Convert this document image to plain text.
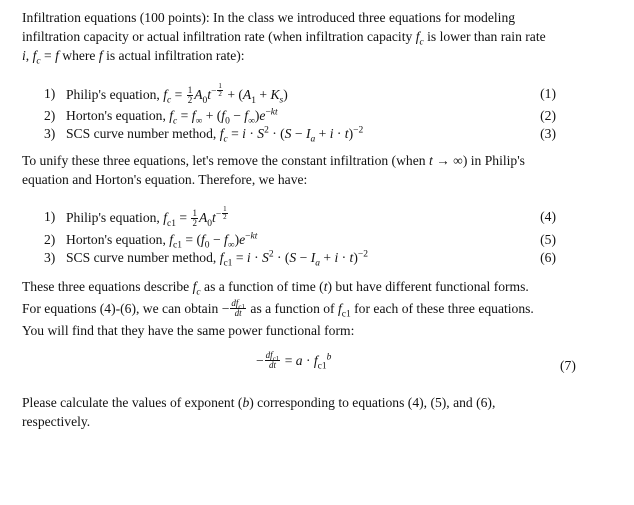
Infiltration equations (100 points): In the class we introduced three equations for modeling
infiltration capacity or actual infiltration rate (when infiltration capacity $f_c$ is lower than rain rate
i, $f_c = f$ where f is actual infiltration rate):
1) Philip's equation, $f_c = \frac{1}{2} A_0t^{- \frac{1}{2}} + (A_1 + K_s)$	(1)
2) Horton's equation, $f_c = f_\infty + (f_0 - f_\infty)e^{-kt}$	(2)
3) SCS curve number method, $f_c = i \cdot S^2 \cdot (S - I_a + i \cdot t)^{-2}$	(3)
To unify these three equations, let's remove the constant infiltration (when t → ∞) in Philip's
equation and Horton's equation. Therefore, we have:
1) Philip's equation, $f_{c1} = \frac{1}{2} A_0t^{- \frac{1}{2}}$	(4)
2) Horton's equation, $f_{c1} = (f_0 - f_\infty)e^{-kt}$	(5)
3) SCS curve number method, $f_{c1} = i \cdot S^2 \cdot (S - I_a + i \cdot t)^{-2}$	(6)
These three equations describe $f_c$ as a function of time (t) but have different functional forms.
For equations (4)-(6), we can obtain − $\frac{df_{c1}}{dt}$ as a function of $f_{c1}$ for each of these three equations.
You will find that they have the same power functional form:
− $\frac{df_{c1}}{dt} = a \cdot f_{c1}^b$
(7)
Please calculate the values of exponent (b) corresponding to equations (4), (5), and (6),
respectively.
